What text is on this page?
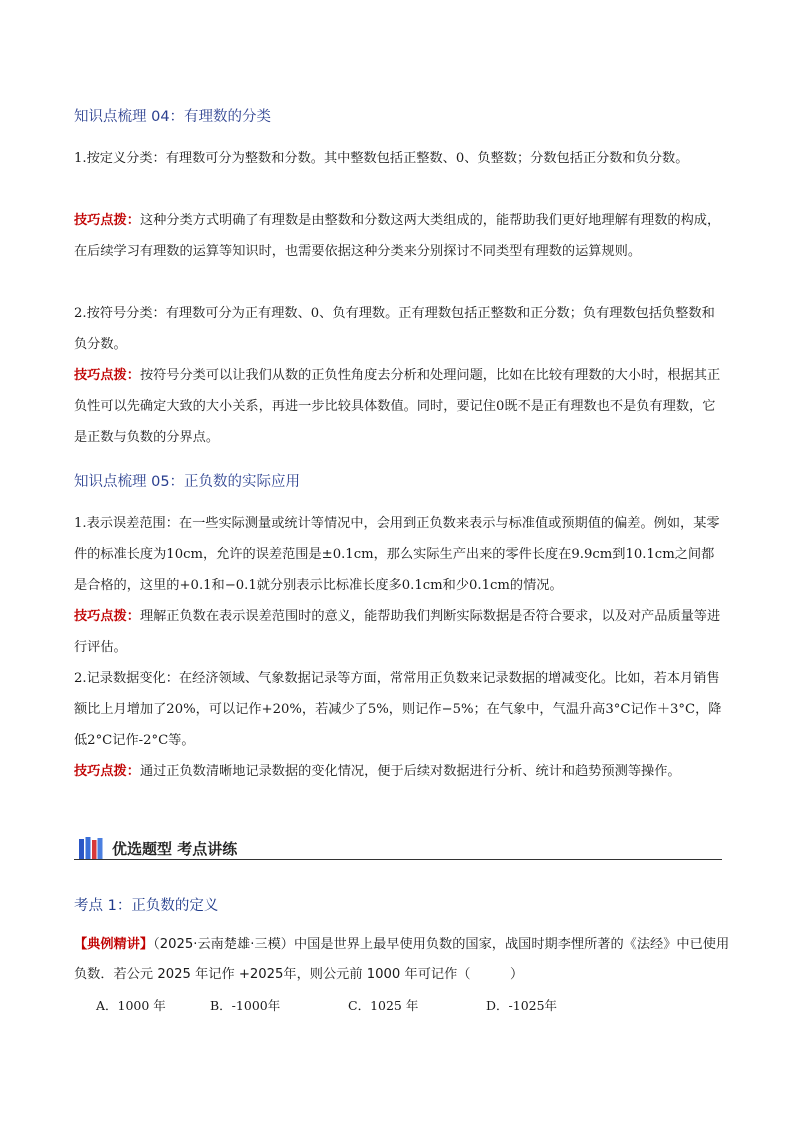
知识点梳理 04：有理数的分类
1.按定义分类：有理数可分为整数和分数。其中整数包括正整数、0、负整数；分数包括正分数和负分数。
技巧点拨：这种分类方式明确了有理数是由整数和分数这两大类组成的，能帮助我们更好地理解有理数的构成，在后续学习有理数的运算等知识时，也需要依据这种分类来分别探讨不同类型有理数的运算规则。
2.按符号分类：有理数可分为正有理数、0、负有理数。正有理数包括正整数和正分数；负有理数包括负整数和负分数。
技巧点拨：按符号分类可以让我们从数的正负性角度去分析和处理问题，比如在比较有理数的大小时，根据其正负性可以先确定大致的大小关系，再进一步比较具体数值。同时，要记住0既不是正有理数也不是负有理数，它是正数与负数的分界点。
知识点梳理 05：正负数的实际应用
1.表示误差范围：在一些实际测量或统计等情况中，会用到正负数来表示与标准值或预期值的偏差。例如，某零件的标准长度为10cm，允许的误差范围是±0.1cm，那么实际生产出来的零件长度在9.9cm到10.1cm之间都是合格的，这里的+0.1和−0.1就分别表示比标准长度多0.1cm和少0.1cm的情况。
技巧点拨：理解正负数在表示误差范围时的意义，能帮助我们判断实际数据是否符合要求，以及对产品质量等进行评估。
2.记录数据变化：在经济领域、气象数据记录等方面，常常用正负数来记录数据的增减变化。比如，若本月销售额比上月增加了20%，可以记作+20%，若减少了5%，则记作−5%；在气象中，气温升高3°C记作＋3°C，降低2°C记作-2°C等。
技巧点拨：通过正负数清晰地记录数据的变化情况，便于后续对数据进行分析、统计和趋势预测等操作。
优选题型 考点讲练
考点 1：正负数的定义
【典例精讲】（2025·云南楚雄·三模）中国是世界上最早使用负数的国家，战国时期李悝所著的《法经》中已使用负数．若公元 2025 年记作 +2025年，则公元前 1000 年可记作（　　　）
A．1000 年	B．-1000年	C．1025 年	D．-1025年
